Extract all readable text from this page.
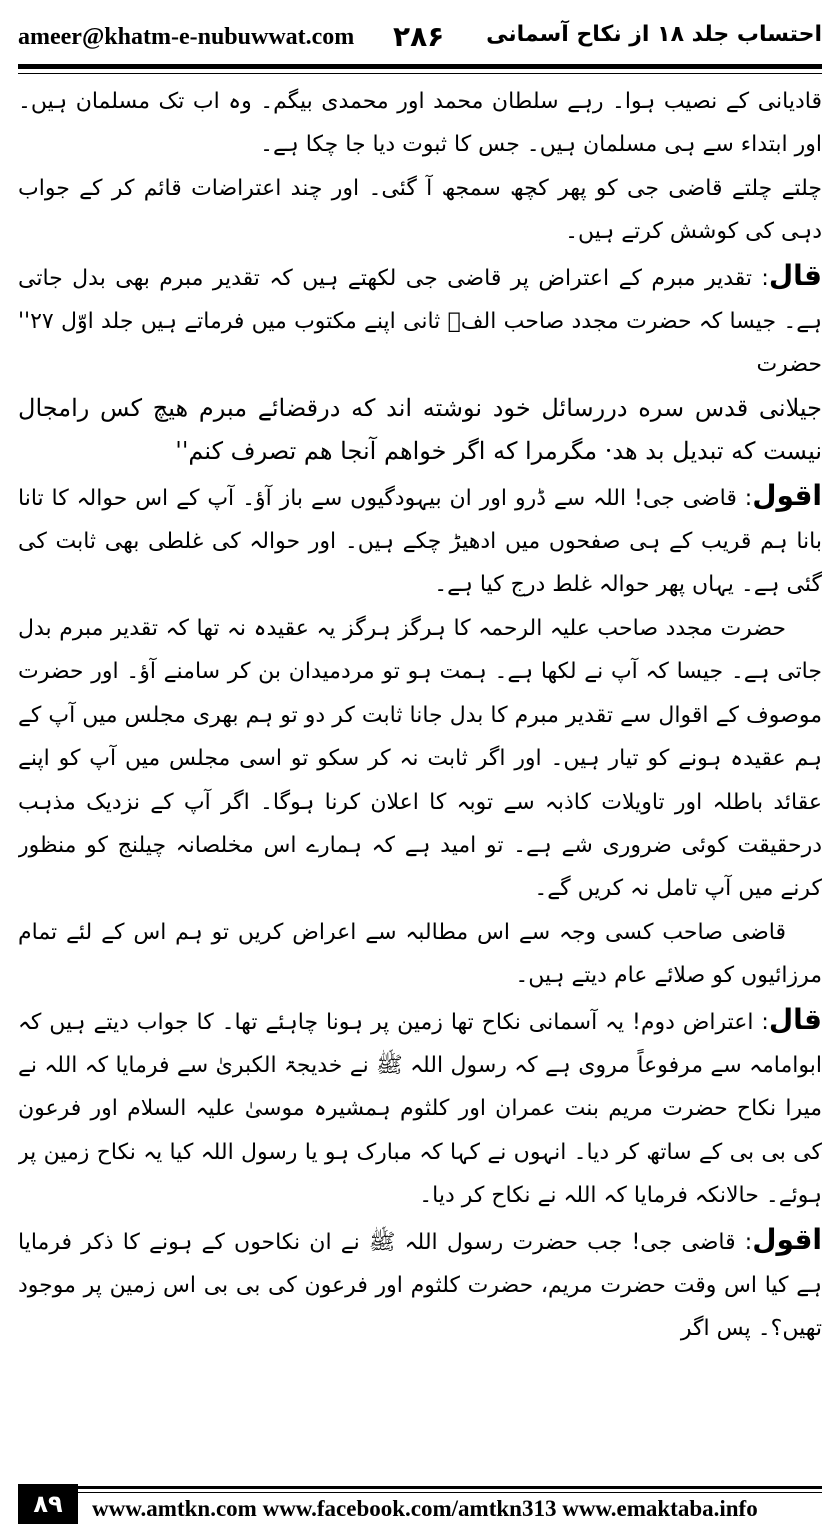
ameer@khatm-e-nubuwwat.com ۲۸۶ احتساب جلد ۱۸ از نکاح آسمانی

قادیانی کے نصیب ہوا۔ رہے سلطان محمد اور محمدی بیگم۔ وہ اب تک مسلمان ہیں۔ اور ابتداء سے ہی مسلمان ہیں۔ جس کا ثبوت دیا جا چکا ہے۔

چلتے چلتے قاضی جی کو پھر کچھ سمجھ آ گئی۔ اور چند اعتراضات قائم کر کے جواب دہی کی کوشش کرتے ہیں۔

قال: تقدیر مبرم کے اعتراض پر قاضی جی لکھتے ہیں کہ تقدیر مبرم بھی بدل جاتی ہے۔ جیسا کہ حضرت مجدد صاحب الفؒ ثانی اپنے مکتوب میں فرماتے ہیں جلد اوّل ۲۷'' حضرت

جیلانی قدس سره دررسائل خود نوشته اند که درقضائے مبرم هیچ کس رامجال نیست که تبدیل بد هد· مگرمرا که اگر خواهم آنجا هم تصرف کنم''

اقول: قاضی جی! اللہ سے ڈرو اور ان بیہودگیوں سے باز آؤ۔ آپ کے اس حوالہ کا تانا بانا ہم قریب کے ہی صفحوں میں ادھیڑ چکے ہیں۔ اور حوالہ کی غلطی بھی ثابت کی گئی ہے۔ یہاں پھر حوالہ غلط درج کیا ہے۔

حضرت مجدد صاحب علیہ الرحمہ کا ہرگز ہرگز یہ عقیدہ نہ تھا کہ تقدیر مبرم بدل جاتی ہے۔ جیسا کہ آپ نے لکھا ہے۔ ہمت ہو تو مردمیدان بن کر سامنے آؤ۔ اور حضرت موصوف کے اقوال سے تقدیر مبرم کا بدل جانا ثابت کر دو تو ہم بھری مجلس میں آپ کے ہم عقیدہ ہونے کو تیار ہیں۔ اور اگر ثابت نہ کر سکو تو اسی مجلس میں آپ کو اپنے عقائد باطلہ اور تاویلات کاذبہ سے توبہ کا اعلان کرنا ہوگا۔ اگر آپ کے نزدیک مذہب درحقیقت کوئی ضروری شے ہے۔ تو امید ہے کہ ہمارے اس مخلصانہ چیلنج کو منظور کرنے میں آپ تامل نہ کریں گے۔

قاضی صاحب کسی وجہ سے اس مطالبہ سے اعراض کریں تو ہم اس کے لئے تمام مرزائیوں کو صلائے عام دیتے ہیں۔

قال: اعتراض دوم! یہ آسمانی نکاح تھا زمین پر ہونا چاہئے تھا۔ کا جواب دیتے ہیں کہ ابوامامہ سے مرفوعاً مروی ہے کہ رسول اللہ ﷺ نے خدیجۃ الکبریٰ سے فرمایا کہ اللہ نے میرا نکاح حضرت مریم بنت عمران اور کلثوم ہمشیرہ موسیٰ علیہ السلام اور فرعون کی بی بی کے ساتھ کر دیا۔ انہوں نے کہا کہ مبارک ہو یا رسول اللہ کیا یہ نکاح زمین پر ہوئے۔ حالانکہ فرمایا کہ اللہ نے نکاح کر دیا۔

اقول: قاضی جی! جب حضرت رسول اللہ ﷺ نے ان نکاحوں کے ہونے کا ذکر فرمایا ہے کیا اس وقت حضرت مریم، حضرت کلثوم اور فرعون کی بی بی اس زمین پر موجود تھیں؟۔ پس اگر

۸۹	www.amtkn.com www.facebook.com/amtkn313 www.emaktaba.info
